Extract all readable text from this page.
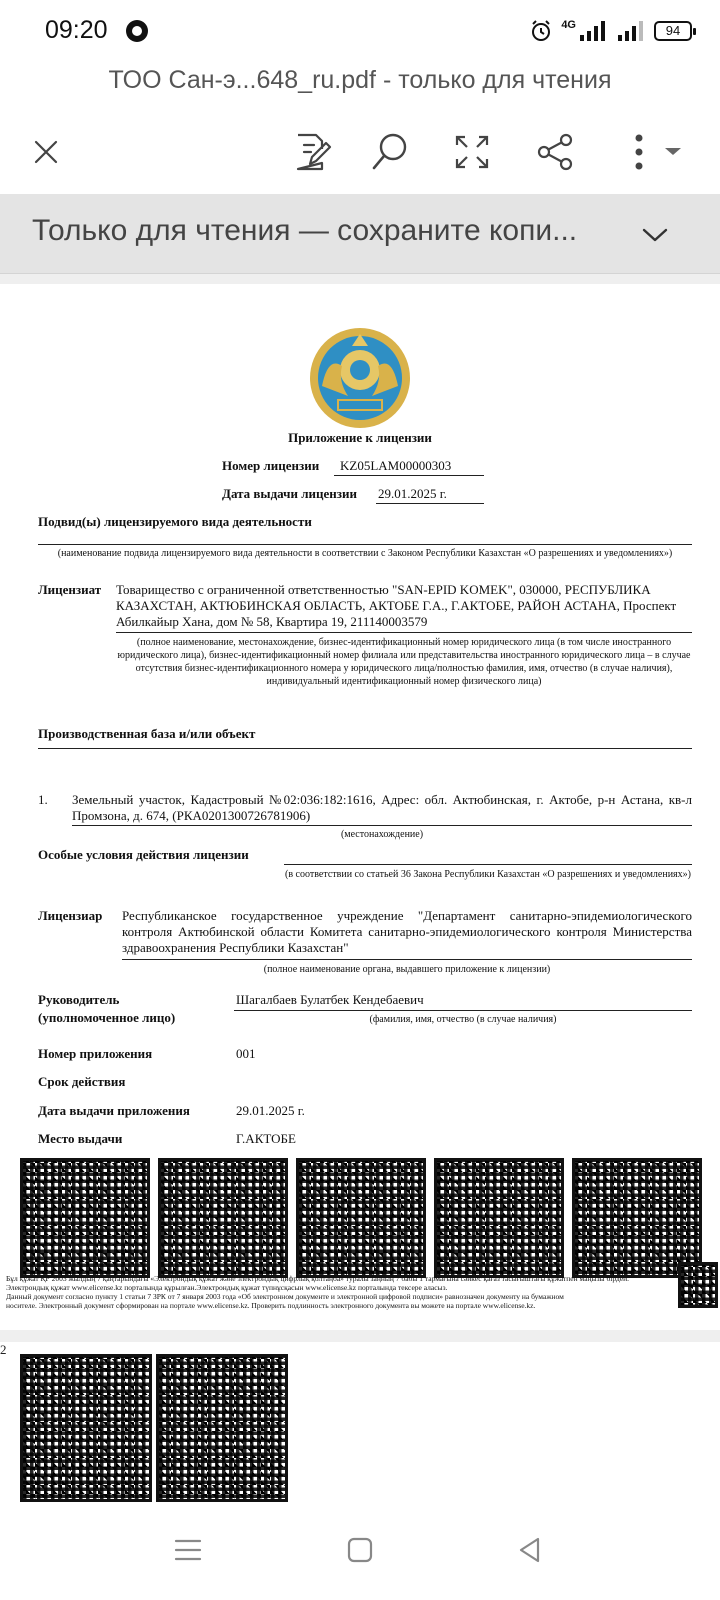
09:20	4G	94
ТОО Сан-э...648_ru.pdf - только для чтения
Только для чтения — сохраните копи...
Приложение к лицензии
Номер лицензии KZ05LAM00000303
Дата выдачи лицензии 29.01.2025 г.
Подвид(ы) лицензируемого вида деятельности
(наименование подвида лицензируемого вида деятельности в соответствии с Законом Республики Казахстан «О разрешениях и уведомлениях»)
Лицензиат Товарищество с ограниченной ответственностью "SAN-EPID KOMEK", 030000, РЕСПУБЛИКА КАЗАХСТАН, АКТЮБИНСКАЯ ОБЛАСТЬ, АКТОБЕ Г.А., Г.АКТОБЕ, РАЙОН АСТАНА, Проспект Абилкайыр Хана, дом № 58, Квартира 19, 211140003579
(полное наименование, местонахождение, бизнес-идентификационный номер юридического лица (в том числе иностранного юридического лица), бизнес-идентификационный номер филиала или представительства иностранного юридического лица – в случае отсутствия бизнес-идентификационного номера у юридического лица/полностью фамилия, имя, отчество (в случае наличия), индивидуальный идентификационный номер физического лица)
Производственная база и/или объект
1. Земельный участок, Кадастровый №02:036:182:1616, Адрес: обл. Актюбинская, г. Актобе, р-н Астана, кв-л Промзона, д. 674, (РКА0201300726781906)
(местонахождение)
Особые условия действия лицензии
(в соответствии со статьей 36 Закона Республики Казахстан «О разрешениях и уведомлениях»)
Лицензиар Республиканское государственное учреждение "Департамент санитарно-эпидемиологического контроля Актюбинской области Комитета санитарно-эпидемиологического контроля Министерства здравоохранения Республики Казахстан"
(полное наименование органа, выдавшего приложение к лицензии)
Руководитель
(уполномоченное лицо)
Шагалбаев Булатбек Кендебаевич
(фамилия, имя, отчество (в случае наличия)
Номер приложения	001
Срок действия
Дата выдачи приложения	29.01.2025 г.
Место выдачи	Г.АКТОБЕ
Бұл құжат ҚР 2003 жылдың 7 қаңтарындағы «Электрондық құжат және электрондық цифрлық қолтаңба» туралы заңның 7 бабы 1 тармағына сәйкес қағаз тасығыштағы құжатпен маңызы бірдей.
Электрондық құжат www.elicense.kz порталында құрылған.Электрондық құжат түпнұсқасын www.elicense.kz порталында тексере аласыз.
Данный документ согласно пункту 1 статьи 7 ЗРК от 7 января 2003 года «Об электронном документе и электронной цифровой подписи» равнозначен документу на бумажном
носителе. Электронный документ сформирован на портале www.elicense.kz. Проверить подлинность электронного документа вы можете на портале www.elicense.kz.
2
